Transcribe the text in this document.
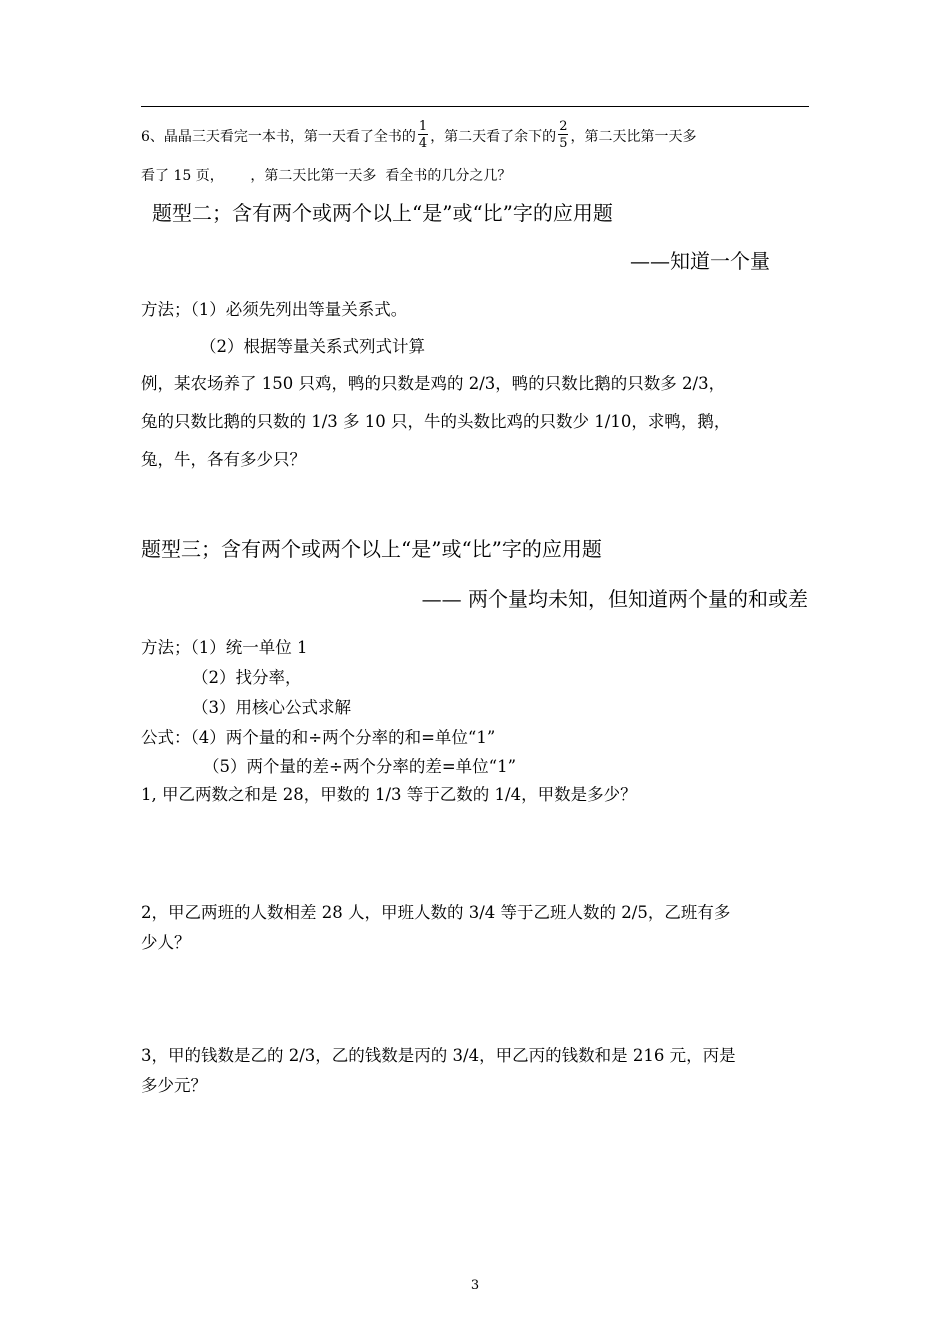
6、晶晶三天看完一本书，第一天看了全书的 $\frac{1}{4}$ ，第二天看了余下的 $\frac{2}{5}$ ，第二天比第一天多
看了 15 页，      ，第二天比第一天多  看全书的几分之几？
题型二；含有两个或两个以上“是”或“比”字的应用题
——知道一个量
方法；（1）必须先列出等量关系式。
（2）根据等量关系式列式计算
例，某农场养了 150 只鸡，鸭的只数是鸡的 2/3，鸭的只数比鹅的只数多 2/3，
兔的只数比鹅的只数的 1/3 多 10 只，牛的头数比鸡的只数少 1/10，求鸭，鹅，
兔，牛，各有多少只？
题型三；含有两个或两个以上“是”或“比”字的应用题
—— 两个量均未知，但知道两个量的和或差
方法；（1）统一单位 1
（2）找分率，
（3）用核心公式求解
公式：（4）两个量的和÷两个分率的和=单位“1”
（5）两个量的差÷两个分率的差=单位“1”
1, 甲乙两数之和是 28，甲数的 1/3 等于乙数的 1/4，甲数是多少？
2，甲乙两班的人数相差 28 人，甲班人数的 3/4 等于乙班人数的 2/5，乙班有多
少人？
3，甲的钱数是乙的 2/3，乙的钱数是丙的 3/4，甲乙丙的钱数和是 216 元，丙是
多少元？
3
